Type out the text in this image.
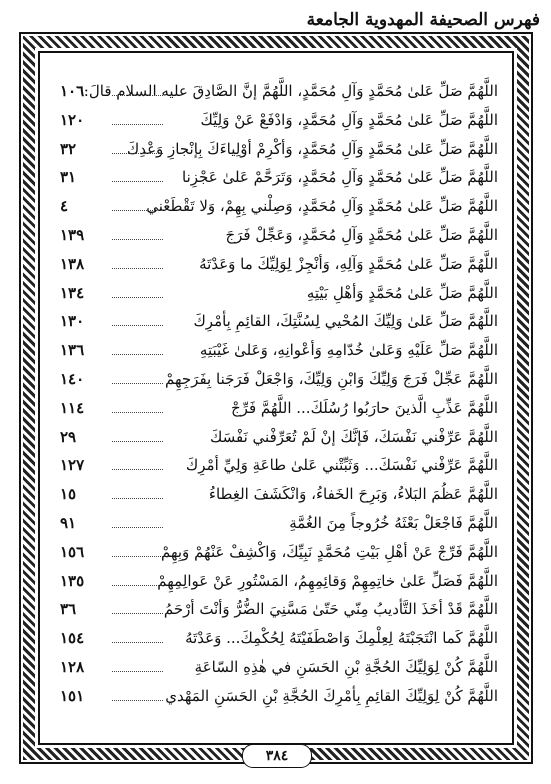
فهرس الصحيفة المهدوية الجامعة
اللَّهُمَّ صَلِّ عَلىٰ مُحَمَّدٍ وَآلِ مُحَمَّدٍ، اللَّهُمَّ إنَّ الصَّادِقَ عليه السلام قالَ:
١٠٦
اللَّهُمَّ صَلِّ عَلىٰ مُحَمَّدٍ وَآلِ مُحَمَّدٍ، وَادْفَعْ عَنْ وَلِيِّكَ
١٢٠
اللَّهُمَّ صَلِّ عَلىٰ مُحَمَّدٍ وَآلِ مُحَمَّدٍ، وَأكْرِمْ أوْلِياءَكَ بِإنْجازِ وَعْدِكَ
٣٢
اللَّهُمَّ صَلِّ عَلىٰ مُحَمَّدٍ وَآلِ مُحَمَّدٍ، وَتَرَحَّمْ عَلىٰ عَجْزِنا
٣١
اللَّهُمَّ صَلِّ عَلىٰ مُحَمَّدٍ وَآلِ مُحَمَّدٍ، وَصِلْني بِهِمْ، وَلا تَقْطَعْني
٤
اللَّهُمَّ صَلِّ عَلىٰ مُحَمَّدٍ وَآلِ مُحَمَّدٍ، وَعَجِّلْ فَرَجَ
١٣٩
اللَّهُمَّ صَلِّ عَلىٰ مُحَمَّدٍ وَآلِهِ، وَأنْجِزْ لِوَلِيِّكَ ما وَعَدْتَهُ
١٣٨
اللَّهُمَّ صَلِّ عَلىٰ مُحَمَّدٍ وَأهْلِ بَيْتِهِ
١٣٤
اللَّهُمَّ صَلِّ عَلىٰ وَلِيِّكَ المُحْيي لِسُنَّتِكَ، القائِمِ بِأمْرِكَ
١٣٠
اللَّهُمَّ صَلِّ عَلَيْهِ وَعَلىٰ خُدّامِهِ وَأعْوانِهِ، وَعَلىٰ غَيْبَتِهِ
١٣٦
اللَّهُمَّ عَجِّلْ فَرَجَ وَلِيِّكَ وَابْنِ وَلِيِّكَ، وَاجْعَلْ فَرَجَنا بِفَرَجِهِمْ
١٤٠
اللَّهُمَّ عَذِّبِ الَّذينَ حارَبُوا رُسُلَكَ... اللَّهُمَّ فَرِّجْ
١١٤
اللَّهُمَّ عَرِّفْني نَفْسَكَ، فَإنَّكَ إنْ لَمْ تُعَرِّفْني نَفْسَكَ
٢٩
اللَّهُمَّ عَرِّفْني نَفْسَكَ... وَثَبِّتْني عَلىٰ طاعَةِ وَلِيِّ أمْرِكَ
١٢٧
اللَّهُمَّ عَظُمَ البَلاءُ، وَبَرِحَ الخَفاءُ، وَانْكَشَفَ الغِطاءُ
١٥
اللَّهُمَّ فَاجْعَلْ بَعْثَهُ خُرُوجاً مِنَ الغُمَّةِ
٩١
اللَّهُمَّ فَرِّجْ عَنْ أهْلِ بَيْتِ مُحَمَّدٍ نَبِيِّكَ، وَاكْشِفْ عَنْهُمْ وَبِهِمْ
١٥٦
اللَّهُمَّ فَصَلِّ عَلىٰ خاتِمِهِمْ وَقائِمِهِمُ، المَسْتُورِ عَنْ عَوالِمِهِمْ
١٣٥
اللَّهُمَّ قَدْ أخَذَ التَّأديبُ مِنّي حَتّىٰ مَسَّنِيَ الضُّرُّ وَأنْتَ أرْحَمُ
٣٦
اللَّهُمَّ كَما انْتَجَبْتَهُ لِعِلْمِكَ وَاصْطَفَيْتَهُ لِحُكْمِكَ... وَعَدْتَهُ
١٥٤
اللَّهُمَّ كُنْ لِوَلِيِّكَ الحُجَّةِ بْنِ الحَسَنِ في هٰذِهِ السّاعَةِ
١٢٨
اللَّهُمَّ كُنْ لِوَلِيِّكَ القائِمِ بِأمْرِكَ الحُجَّةِ بْنِ الحَسَنِ المَهْدي
١٥١
٣٨٤
